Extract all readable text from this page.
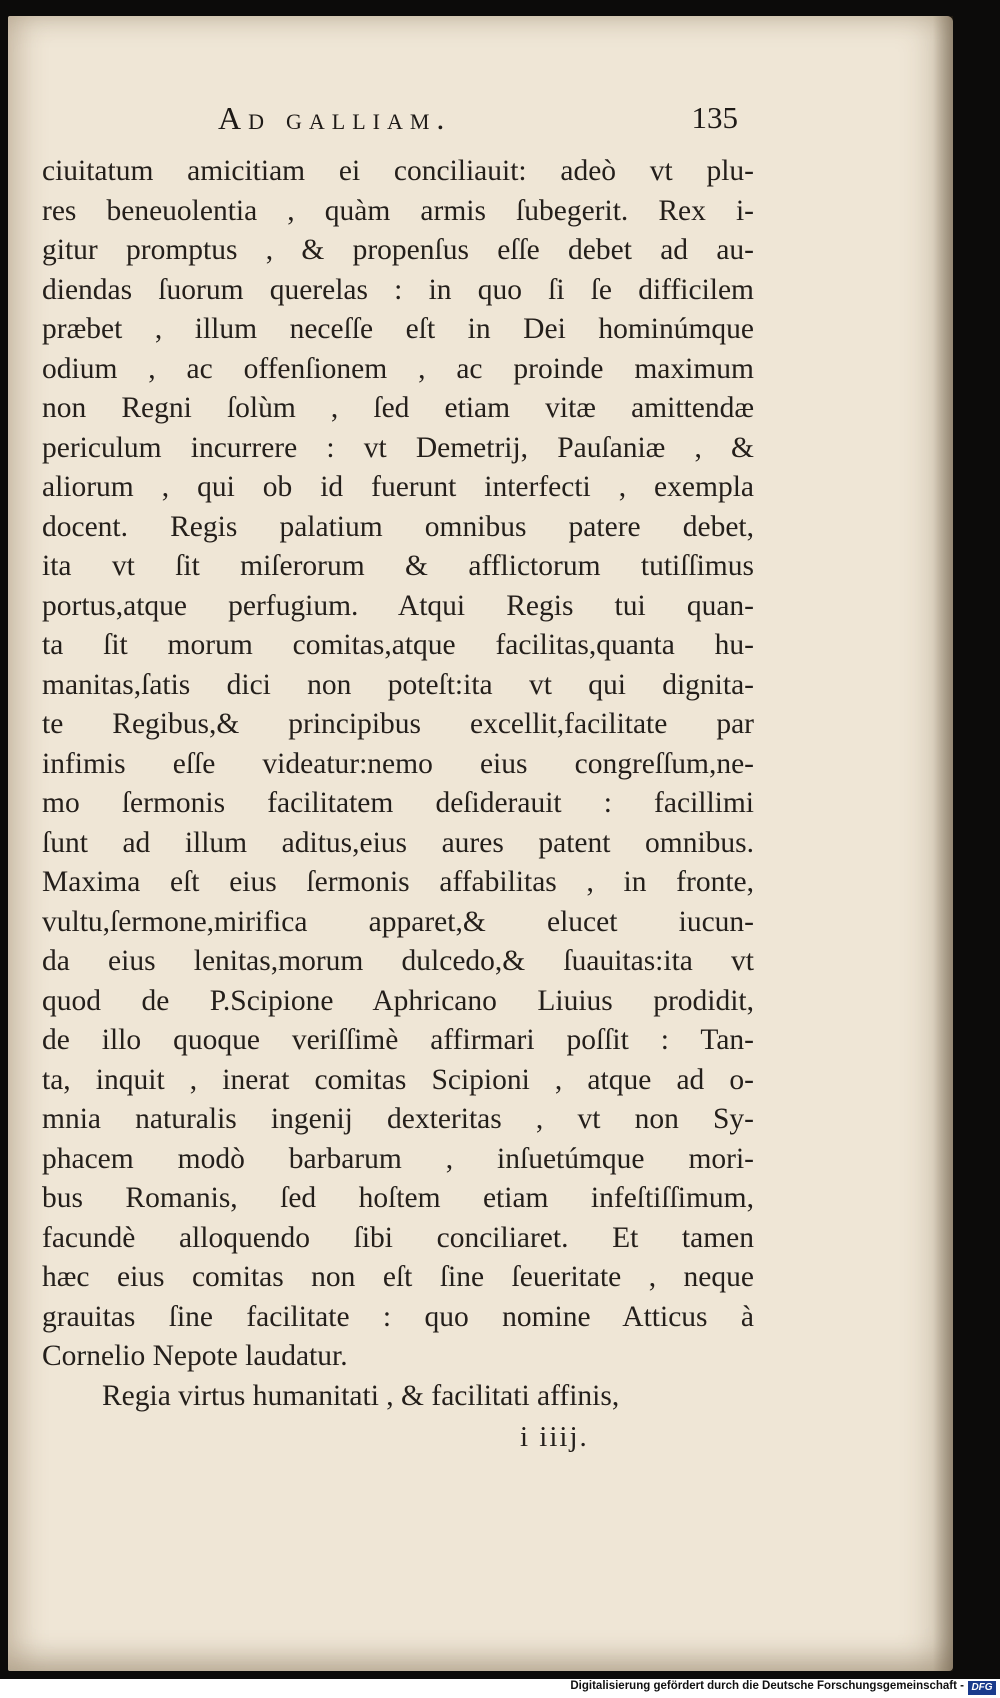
Ad galliam.	135
ciuitatum amicitiam ei conciliauit: adeò vt plu-
res beneuolentia , quàm armis ſubegerit. Rex i-
gitur promptus , & propenſus eſſe debet ad au-
diendas ſuorum querelas : in quo ſi ſe difficilem
præbet , illum neceſſe eſt in Dei hominúmque
odium , ac offenſionem , ac proinde maximum
non Regni ſolùm , ſed etiam vitæ amittendæ
periculum incurrere : vt Demetrij, Pauſaniæ , &
aliorum , qui ob id fuerunt interfecti , exempla
docent. Regis palatium omnibus patere debet,
ita vt ſit miſerorum & afflictorum tutiſſimus
portus,atque perfugium. Atqui Regis tui quan-
ta ſit morum comitas,atque facilitas,quanta hu-
manitas,ſatis dici non poteſt:ita vt qui dignita-
te Regibus,& principibus excellit,facilitate par
infimis eſſe videatur:nemo eius congreſſum,ne-
mo ſermonis facilitatem deſiderauit : facillimi
ſunt ad illum aditus,eius aures patent omnibus.
Maxima eſt eius ſermonis affabilitas , in fronte,
vultu,ſermone,mirifica apparet,& elucet iucun-
da eius lenitas,morum dulcedo,& ſuauitas:ita vt
quod de P.Scipione Aphricano Liuius prodidit,
de illo quoque veriſſimè affirmari poſſit : Tan-
ta, inquit , inerat comitas Scipioni , atque ad o-
mnia naturalis ingenij dexteritas , vt non Sy-
phacem modò barbarum , inſuetúmque mori-
bus Romanis, ſed hoſtem etiam infeſtiſſimum,
facundè alloquendo ſibi conciliaret. Et tamen
hæc eius comitas non eſt ſine ſeueritate , neque
grauitas ſine facilitate : quo nomine Atticus à
Cornelio Nepote laudatur.
Regia virtus humanitati , & facilitati affinis,
i iiij.
Digitalisierung gefördert durch die Deutsche Forschungsgemeinschaft - DFG
